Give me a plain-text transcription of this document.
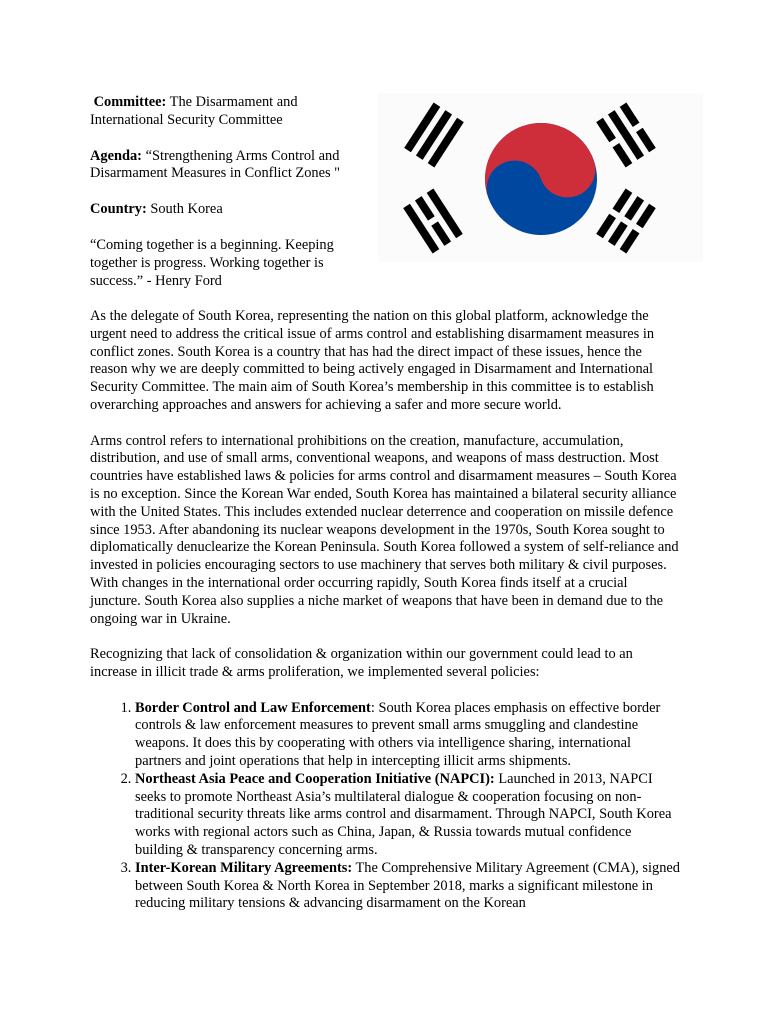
Committee: The Disarmament and International Security Committee

Agenda: “Strengthening Arms Control and Disarmament Measures in Conflict Zones "

Country: South Korea

“Coming together is a beginning. Keeping together is progress. Working together is success.” - Henry Ford

As the delegate of South Korea, representing the nation on this global platform, acknowledge the urgent need to address the critical issue of arms control and establishing disarmament measures in conflict zones. South Korea is a country that has had the direct impact of these issues, hence the reason why we are deeply committed to being actively engaged in Disarmament and International Security Committee. The main aim of South Korea’s membership in this committee is to establish overarching approaches and answers for achieving a safer and more secure world.

Arms control refers to international prohibitions on the creation, manufacture, accumulation, distribution, and use of small arms, conventional weapons, and weapons of mass destruction. Most countries have established laws & policies for arms control and disarmament measures – South Korea is no exception. Since the Korean War ended, South Korea has maintained a bilateral security alliance with the United States. This includes extended nuclear deterrence and cooperation on missile defence since 1953. After abandoning its nuclear weapons development in the 1970s, South Korea sought to diplomatically denuclearize the Korean Peninsula. South Korea followed a system of self-reliance and invested in policies encouraging sectors to use machinery that serves both military & civil purposes. With changes in the international order occurring rapidly, South Korea finds itself at a crucial juncture. South Korea also supplies a niche market of weapons that have been in demand due to the ongoing war in Ukraine.

Recognizing that lack of consolidation & organization within our government could lead to an increase in illicit trade & arms proliferation, we implemented several policies:

1. Border Control and Law Enforcement: South Korea places emphasis on effective border controls & law enforcement measures to prevent small arms smuggling and clandestine weapons. It does this by cooperating with others via intelligence sharing, international partners and joint operations that help in intercepting illicit arms shipments.
2. Northeast Asia Peace and Cooperation Initiative (NAPCI): Launched in 2013, NAPCI seeks to promote Northeast Asia’s multilateral dialogue & cooperation focusing on non-traditional security threats like arms control and disarmament. Through NAPCI, South Korea works with regional actors such as China, Japan, & Russia towards mutual confidence building & transparency concerning arms.
3. Inter-Korean Military Agreements: The Comprehensive Military Agreement (CMA), signed between South Korea & North Korea in September 2018, marks a significant milestone in reducing military tensions & advancing disarmament on the Korean
